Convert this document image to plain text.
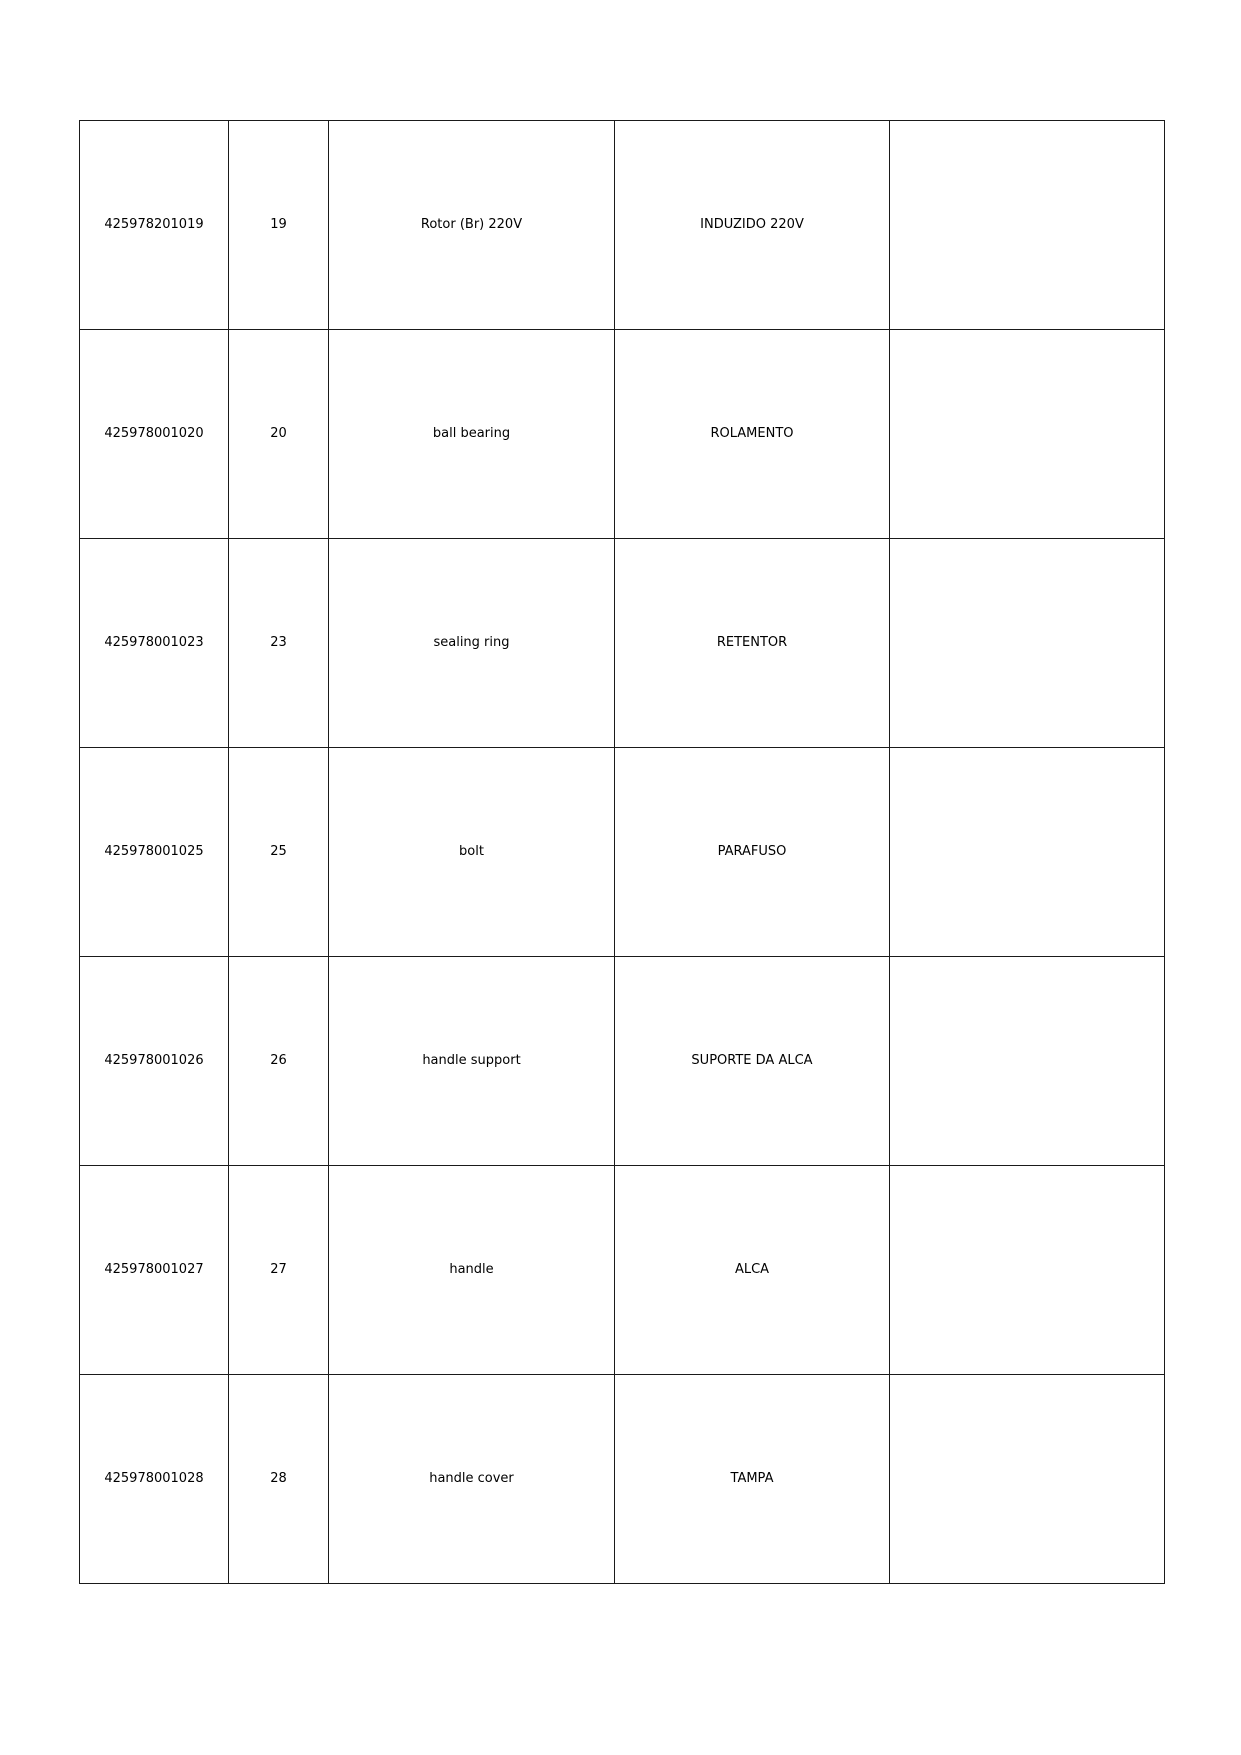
425978201019	19	Rotor (Br) 220V	INDUZIDO 220V	
425978001020	20	ball bearing	ROLAMENTO	
425978001023	23	sealing ring	RETENTOR	
425978001025	25	bolt	PARAFUSO	
425978001026	26	handle support	SUPORTE DA ALCA	
425978001027	27	handle	ALCA	
425978001028	28	handle cover	TAMPA	
